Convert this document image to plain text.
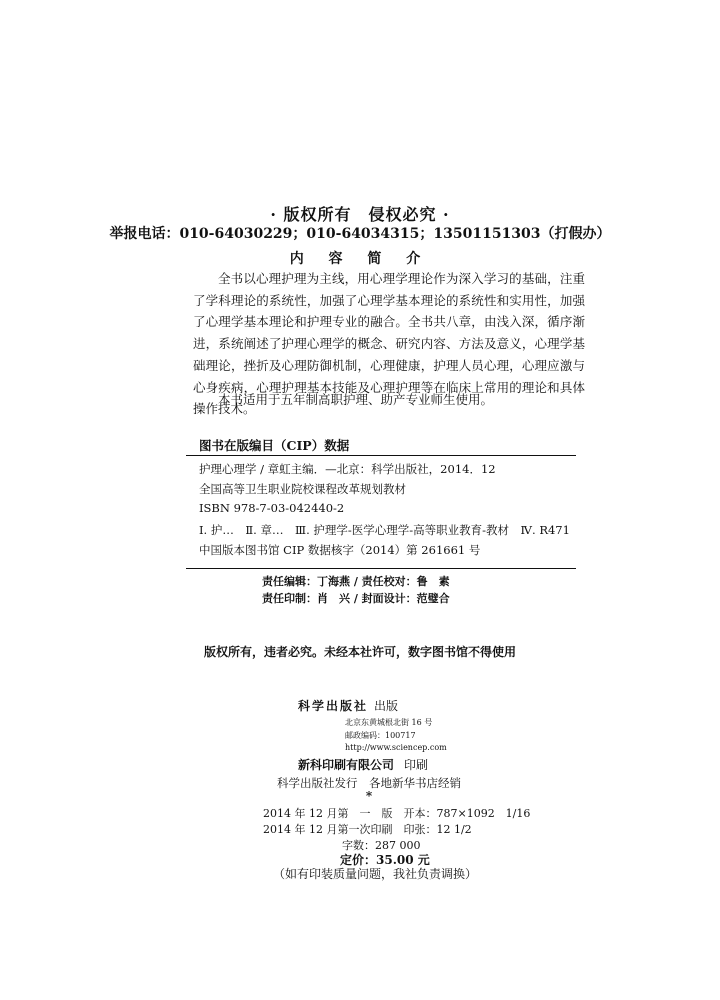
· 版权所有　侵权必究 ·
举报电话：010-64030229；010-64034315；13501151303（打假办）
内 容 简 介

全书以心理护理为主线，用心理学理论作为深入学习的基础，注重了学科理论的系统性，加强了心理学基本理论的系统性和实用性，加强了心理学基本理论和护理专业的融合。全书共八章，由浅入深，循序渐进，系统阐述了护理心理学的概念、研究内容、方法及意义，心理学基础理论，挫折及心理防御机制，心理健康，护理人员心理，心理应激与心身疾病，心理护理基本技能及心理护理等在临床上常用的理论和具体操作技术。

本书适用于五年制高职护理、助产专业师生使用。

图书在版编目（CIP）数据
护理心理学 / 章虹主编．—北京：科学出版社，2014．12
全国高等卫生职业院校课程改革规划教材
ISBN 978-7-03-042440-2
Ⅰ. 护…　Ⅱ. 章…　Ⅲ. 护理学-医学心理学-高等职业教育-教材　Ⅳ. R471
中国版本图书馆 CIP 数据核字（2014）第 261661 号
责任编辑：丁海燕 / 责任校对：鲁　素
责任印制：肖　兴 / 封面设计：范璧合
版权所有，违者必究。未经本社许可，数字图书馆不得使用
科学出版社 出版
北京东黄城根北街 16 号
邮政编码：100717
http://www.sciencep.com
新科印刷有限公司 印刷
科学出版社发行　各地新华书店经销
*
2014 年 12 月第　一　版　开本：787×1092　1/16
2014 年 12 月第一次印刷　印张：12 1/2
字数：287 000
定价：35.00 元
（如有印装质量问题，我社负责调换）
